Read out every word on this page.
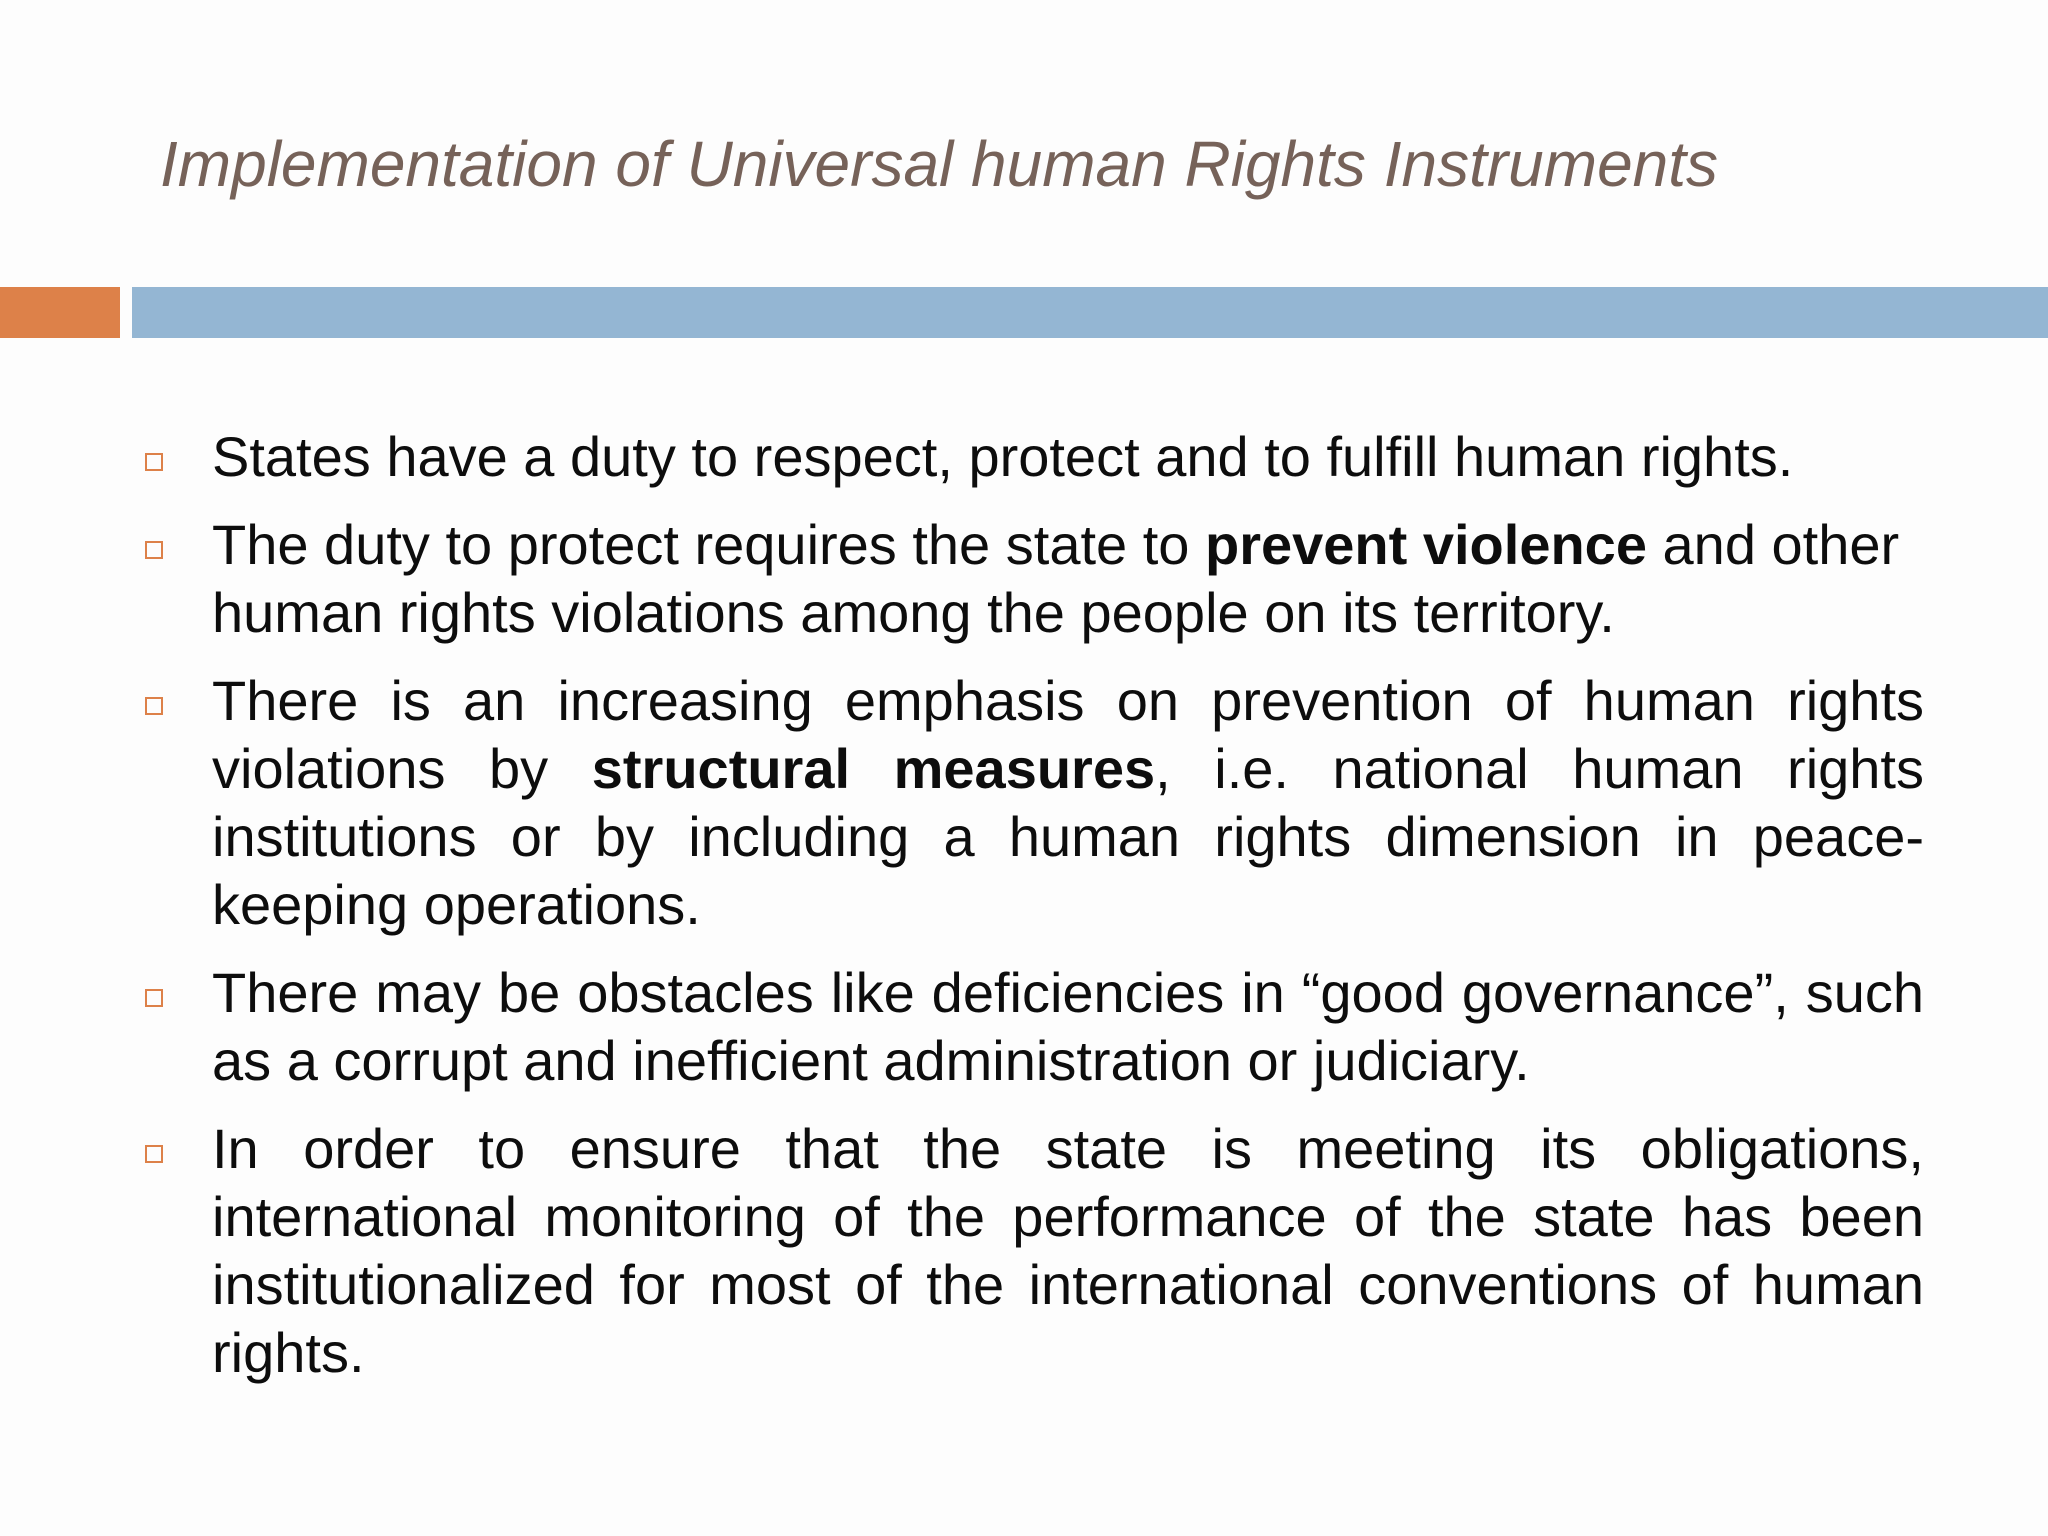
Implementation of Universal human Rights Instruments

States have a duty to respect, protect and to fulfill human rights.

The duty to protect requires the state to prevent violence and other human rights violations among the people on its territory.

There is an increasing emphasis on prevention of human rights violations by structural measures, i.e. national human rights institutions or by including a human rights dimension in peace-keeping operations.

There may be obstacles like deficiencies in “good governance”, such as a corrupt and inefficient administration or judiciary.

In order to ensure that the state is meeting its obligations, international monitoring of the performance of the state has been institutionalized for most of the international conventions of human rights.
